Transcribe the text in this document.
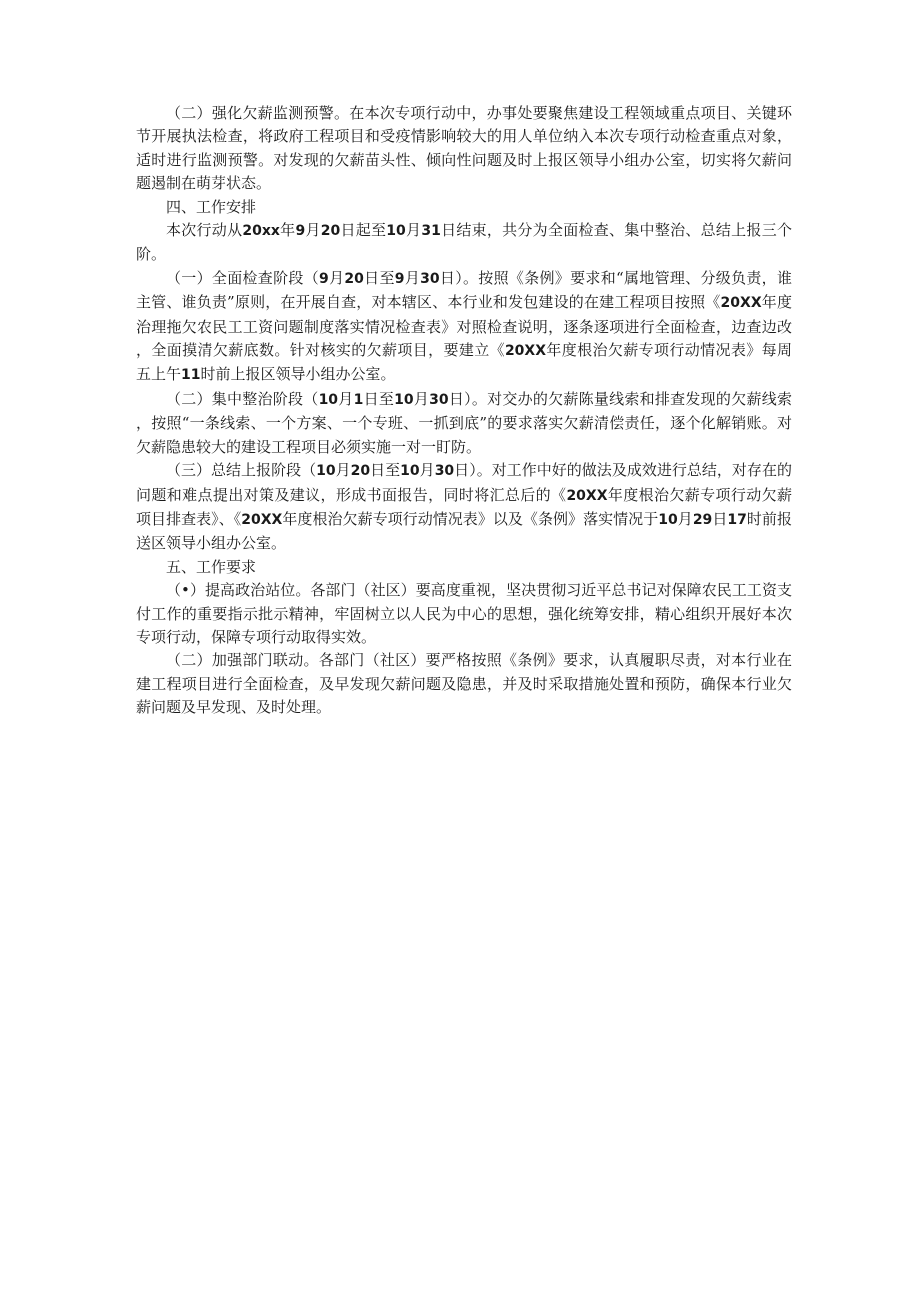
（二）强化欠薪监测预警。在本次专项行动中，办事处要聚焦建设工程领域重点项目、关键环节开展执法检查，将政府工程项目和受疫情影响较大的用人单位纳入本次专项行动检查重点对象，适时进行监测预警。对发现的欠薪苗头性、倾向性问题及时上报区领导小组办公室，切实将欠薪问题遏制在萌芽状态。

四、工作安排

本次行动从20xx年9月20日起至10月31日结束，共分为全面检查、集中整治、总结上报三个阶。

（一）全面检查阶段（9月20日至9月30日）。按照《条例》要求和“属地管理、分级负责，谁主管、谁负责”原则，在开展自查，对本辖区、本行业和发包建设的在建工程项目按照《20XX年度治理拖欠农民工工资问题制度落实情况检查表》对照检查说明，逐条逐项进行全面检查，边查边改，全面摸清欠薪底数。针对核实的欠薪项目，要建立《20XX年度根治欠薪专项行动情况表》每周五上午11时前上报区领导小组办公室。

（二）集中整治阶段（10月1日至10月30日）。对交办的欠薪陈量线索和排查发现的欠薪线索，按照“一条线索、一个方案、一个专班、一抓到底”的要求落实欠薪清偿责任，逐个化解销账。对欠薪隐患较大的建设工程项目必须实施一对一盯防。

（三）总结上报阶段（10月20日至10月30日）。对工作中好的做法及成效进行总结，对存在的问题和难点提出对策及建议，形成书面报告，同时将汇总后的《20XX年度根治欠薪专项行动欠薪项目排查表》、《20XX年度根治欠薪专项行动情况表》以及《条例》落实情况于10月29日17时前报送区领导小组办公室。

五、工作要求

（•）提高政治站位。各部门（社区）要高度重视，坚决贯彻习近平总书记对保障农民工工资支付工作的重要指示批示精神，牢固树立以人民为中心的思想，强化统筹安排，精心组织开展好本次专项行动，保障专项行动取得实效。

（二）加强部门联动。各部门（社区）要严格按照《条例》要求，认真履职尽责，对本行业在建工程项目进行全面检查，及早发现欠薪问题及隐患，并及时采取措施处置和预防，确保本行业欠薪问题及早发现、及时处理。
